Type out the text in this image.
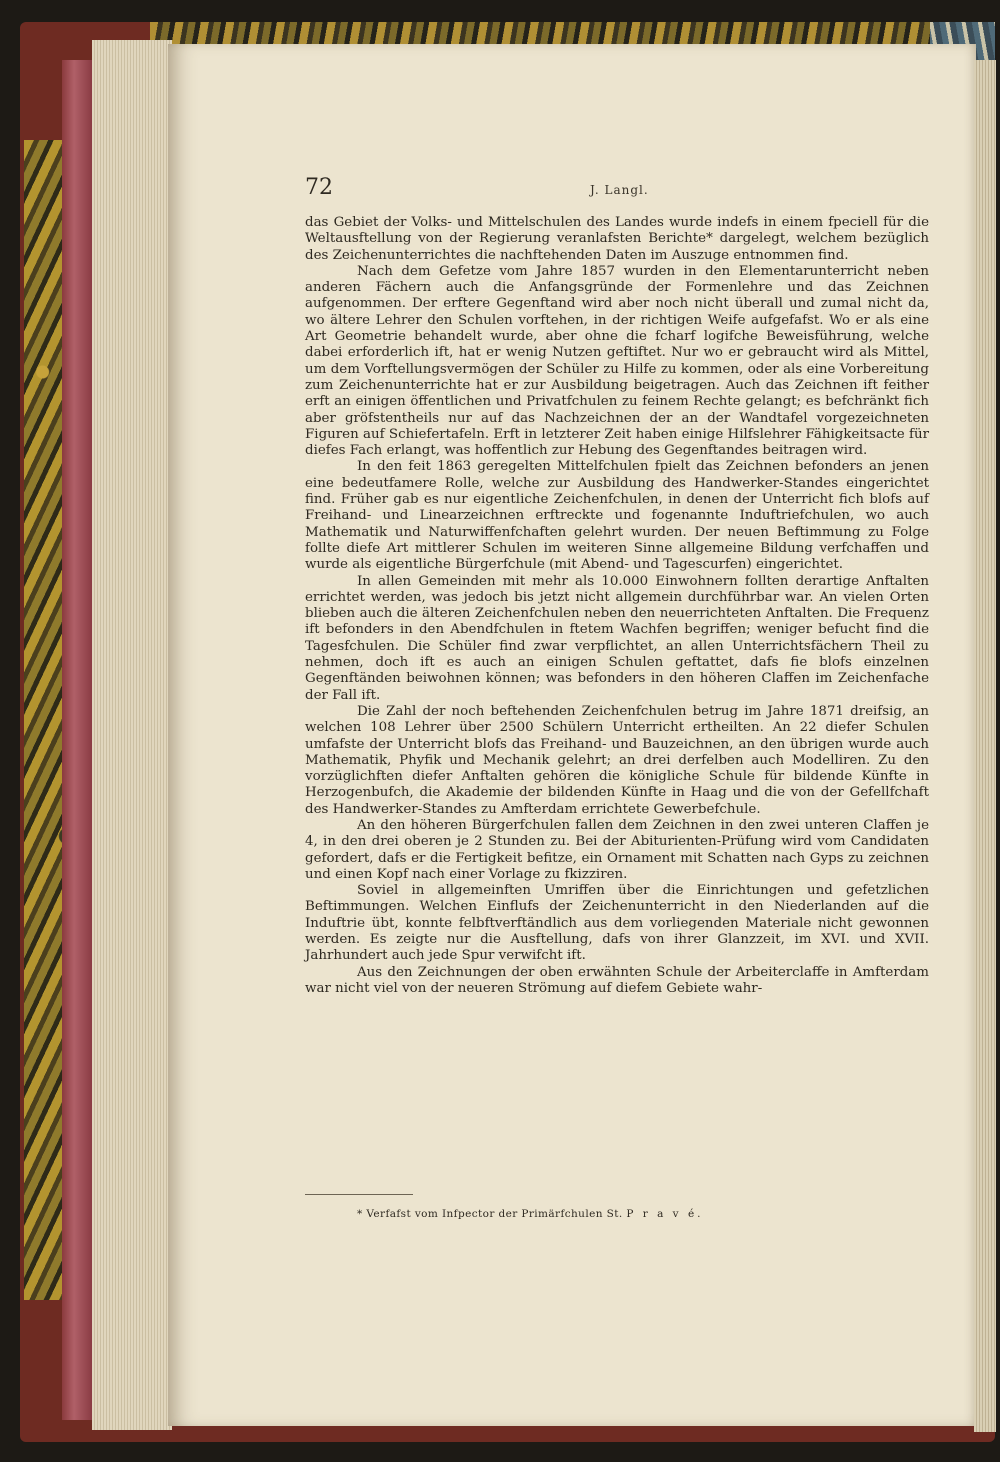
72	J. Langl.

das Gebiet der Volks- und Mittelschulen des Landes wurde indefs in einem fpeciell für die Weltausftellung von der Regierung veranlafsten Berichte* dargelegt, welchem bezüglich des Zeichenunterrichtes die nachftehenden Daten im Auszuge entnommen find.

Nach dem Gefetze vom Jahre 1857 wurden in den Elementarunterricht neben anderen Fächern auch die Anfangsgründe der Formenlehre und das Zeichnen aufgenommen. Der erftere Gegenftand wird aber noch nicht überall und zumal nicht da, wo ältere Lehrer den Schulen vorftehen, in der richtigen Weife aufgefafst. Wo er als eine Art Geometrie behandelt wurde, aber ohne die fcharf logifche Beweisführung, welche dabei erforderlich ift, hat er wenig Nutzen geftiftet. Nur wo er gebraucht wird als Mittel, um dem Vorftellungsvermögen der Schüler zu Hilfe zu kommen, oder als eine Vorbereitung zum Zeichenunterrichte hat er zur Ausbildung beigetragen. Auch das Zeichnen ift feither erft an einigen öffentlichen und Privatfchulen zu feinem Rechte gelangt; es befchränkt fich aber gröfstentheils nur auf das Nachzeichnen der an der Wandtafel vorgezeichneten Figuren auf Schiefertafeln. Erft in letzterer Zeit haben einige Hilfslehrer Fähigkeitsacte für diefes Fach erlangt, was hoffentlich zur Hebung des Gegenftandes beitragen wird.

In den feit 1863 geregelten Mittelfchulen fpielt das Zeichnen befonders an jenen eine bedeutfamere Rolle, welche zur Ausbildung des Handwerker-Standes eingerichtet find. Früher gab es nur eigentliche Zeichenfchulen, in denen der Unterricht fich blofs auf Freihand- und Linearzeichnen erftreckte und fogenannte Induftriefchulen, wo auch Mathematik und Naturwiffenfchaften gelehrt wurden. Der neuen Beftimmung zu Folge follte diefe Art mittlerer Schulen im weiteren Sinne allgemeine Bildung verfchaffen und wurde als eigentliche Bürgerfchule (mit Abend- und Tagescurfen) eingerichtet.

In allen Gemeinden mit mehr als 10.000 Einwohnern follten derartige Anftalten errichtet werden, was jedoch bis jetzt nicht allgemein durchführbar war. An vielen Orten blieben auch die älteren Zeichenfchulen neben den neuerrichteten Anftalten. Die Frequenz ift befonders in den Abendfchulen in ftetem Wachfen begriffen; weniger befucht find die Tagesfchulen. Die Schüler find zwar verpflichtet, an allen Unterrichtsfächern Theil zu nehmen, doch ift es auch an einigen Schulen geftattet, dafs fie blofs einzelnen Gegenftänden beiwohnen können; was befonders in den höheren Claffen im Zeichenfache der Fall ift.

Die Zahl der noch beftehenden Zeichenfchulen betrug im Jahre 1871 dreifsig, an welchen 108 Lehrer über 2500 Schülern Unterricht ertheilten. An 22 diefer Schulen umfafste der Unterricht blofs das Freihand- und Bauzeichnen, an den übrigen wurde auch Mathematik, Phyfik und Mechanik gelehrt; an drei derfelben auch Modelliren. Zu den vorzüglichften diefer Anftalten gehören die königliche Schule für bildende Künfte in Herzogenbufch, die Akademie der bildenden Künfte in Haag und die von der Gefellfchaft des Handwerker-Standes zu Amfterdam errichtete Gewerbefchule.

An den höheren Bürgerfchulen fallen dem Zeichnen in den zwei unteren Claffen je 4, in den drei oberen je 2 Stunden zu. Bei der Abiturienten-Prüfung wird vom Candidaten gefordert, dafs er die Fertigkeit befitze, ein Ornament mit Schatten nach Gyps zu zeichnen und einen Kopf nach einer Vorlage zu fkizziren.

Soviel in allgemeinften Umriffen über die Einrichtungen und gefetzlichen Beftimmungen. Welchen Einflufs der Zeichenunterricht in den Niederlanden auf die Induftrie übt, konnte felbftverftändlich aus dem vorliegenden Materiale nicht gewonnen werden. Es zeigte nur die Ausftellung, dafs von ihrer Glanzzeit, im XVI. und XVII. Jahrhundert auch jede Spur verwifcht ift.

Aus den Zeichnungen der oben erwähnten Schule der Arbeiterclaffe in Amfterdam war nicht viel von der neueren Strömung auf diefem Gebiete wahr-

* Verfafst vom Infpector der Primärfchulen St. P r a v é.
